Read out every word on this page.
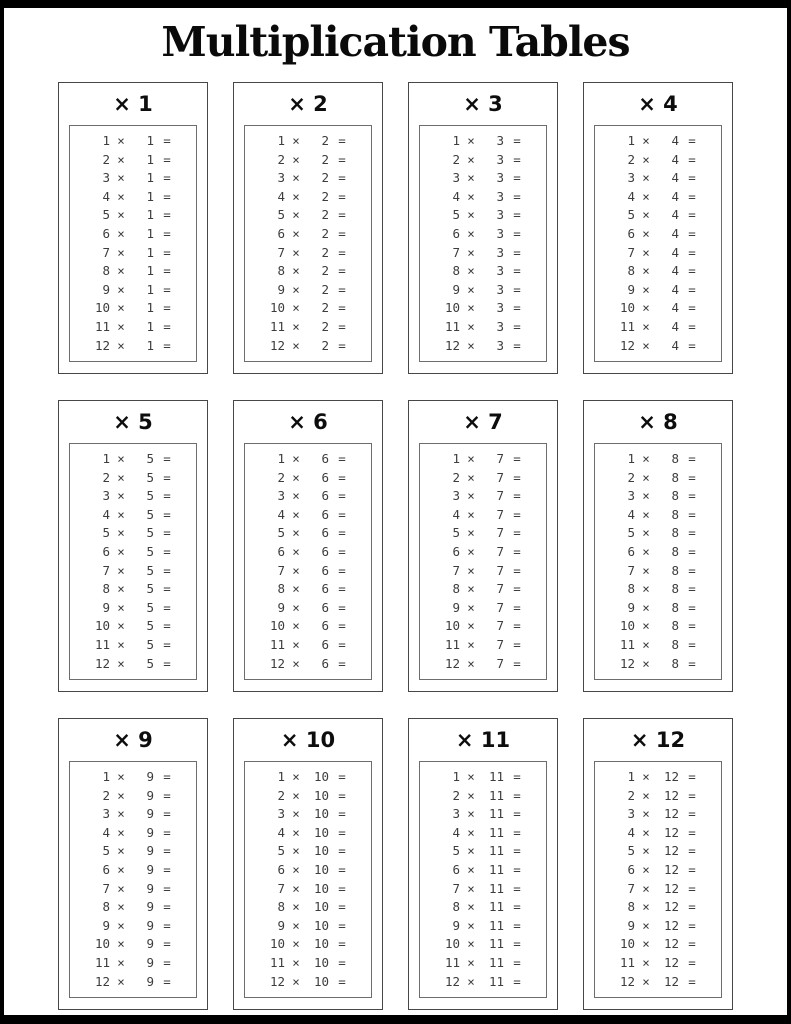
Multiplication Tables
× 1
1 ×	1 =
2 ×	1 =
3 ×	1 =
4 ×	1 =
5 ×	1 =
6 ×	1 =
7 ×	1 =
8 ×	1 =
9 ×	1 =
10 ×	1 =
11 ×	1 =
12 ×	1 =
× 2
1 ×	2 =
2 ×	2 =
3 ×	2 =
4 ×	2 =
5 ×	2 =
6 ×	2 =
7 ×	2 =
8 ×	2 =
9 ×	2 =
10 ×	2 =
11 ×	2 =
12 ×	2 =
× 3
1 ×	3 =
2 ×	3 =
3 ×	3 =
4 ×	3 =
5 ×	3 =
6 ×	3 =
7 ×	3 =
8 ×	3 =
9 ×	3 =
10 ×	3 =
11 ×	3 =
12 ×	3 =
× 4
1 ×	4 =
2 ×	4 =
3 ×	4 =
4 ×	4 =
5 ×	4 =
6 ×	4 =
7 ×	4 =
8 ×	4 =
9 ×	4 =
10 ×	4 =
11 ×	4 =
12 ×	4 =
× 5
1 ×	5 =
2 ×	5 =
3 ×	5 =
4 ×	5 =
5 ×	5 =
6 ×	5 =
7 ×	5 =
8 ×	5 =
9 ×	5 =
10 ×	5 =
11 ×	5 =
12 ×	5 =
× 6
1 ×	6 =
2 ×	6 =
3 ×	6 =
4 ×	6 =
5 ×	6 =
6 ×	6 =
7 ×	6 =
8 ×	6 =
9 ×	6 =
10 ×	6 =
11 ×	6 =
12 ×	6 =
× 7
1 ×	7 =
2 ×	7 =
3 ×	7 =
4 ×	7 =
5 ×	7 =
6 ×	7 =
7 ×	7 =
8 ×	7 =
9 ×	7 =
10 ×	7 =
11 ×	7 =
12 ×	7 =
× 8
1 ×	8 =
2 ×	8 =
3 ×	8 =
4 ×	8 =
5 ×	8 =
6 ×	8 =
7 ×	8 =
8 ×	8 =
9 ×	8 =
10 ×	8 =
11 ×	8 =
12 ×	8 =
× 9
1 ×	9 =
2 ×	9 =
3 ×	9 =
4 ×	9 =
5 ×	9 =
6 ×	9 =
7 ×	9 =
8 ×	9 =
9 ×	9 =
10 ×	9 =
11 ×	9 =
12 ×	9 =
× 10
1 ×	10 =
2 ×	10 =
3 ×	10 =
4 ×	10 =
5 ×	10 =
6 ×	10 =
7 ×	10 =
8 ×	10 =
9 ×	10 =
10 ×	10 =
11 ×	10 =
12 ×	10 =
× 11
1 ×	11 =
2 ×	11 =
3 ×	11 =
4 ×	11 =
5 ×	11 =
6 ×	11 =
7 ×	11 =
8 ×	11 =
9 ×	11 =
10 ×	11 =
11 ×	11 =
12 ×	11 =
× 12
1 ×	12 =
2 ×	12 =
3 ×	12 =
4 ×	12 =
5 ×	12 =
6 ×	12 =
7 ×	12 =
8 ×	12 =
9 ×	12 =
10 ×	12 =
11 ×	12 =
12 ×	12 =
